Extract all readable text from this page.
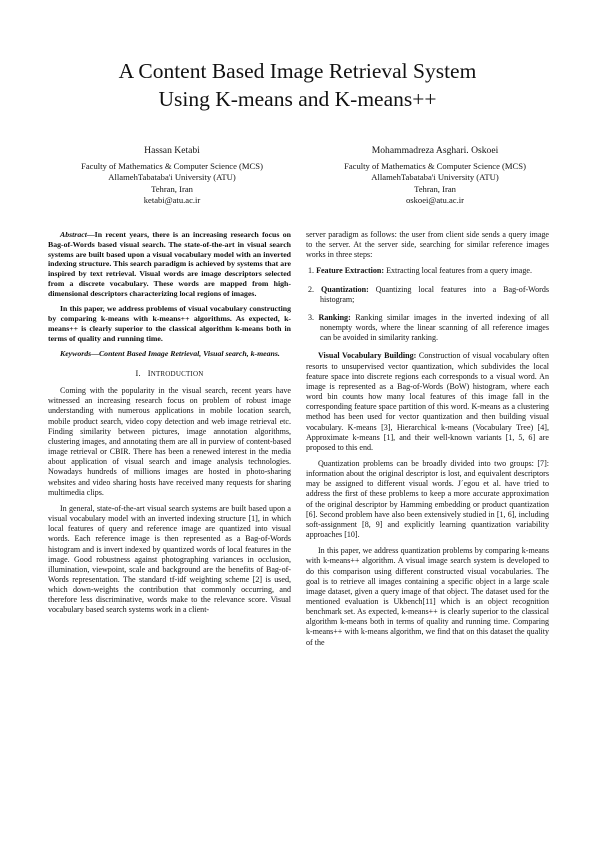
A Content Based Image Retrieval System
Using K-means and K-means++
Hassan Ketabi
Faculty of Mathematics & Computer Science (MCS)
AllamehTabataba'i University (ATU)
Tehran, Iran
ketabi@atu.ac.ir
Mohammadreza Asghari. Oskoei
Faculty of Mathematics & Computer Science (MCS)
AllamehTabataba'i University (ATU)
Tehran, Iran
oskoei@atu.ac.ir

Abstract—In recent years, there is an increasing research focus on Bag-of-Words based visual search. The state-of-the-art in visual search systems are built based upon a visual vocabulary model with an inverted indexing structure. This search paradigm is achieved by systems that are inspired by text retrieval. Visual words are image descriptors selected from a discrete vocabulary. These words are mapped from high-dimensional descriptors characterizing local regions of images.

In this paper, we address problems of visual vocabulary constructing by comparing k-means with k-means++ algorithms. As expected, k-means++ is clearly superior to the classical algorithm k-means both in terms of quality and running time.

Keywords—Content Based Image Retrieval, Visual search, k-means.

I. INTRODUCTION

Coming with the popularity in the visual search, recent years have witnessed an increasing research focus on problem of robust image understanding with numerous applications in mobile location search, mobile product search, video copy detection and web image retrieval etc. Finding similarity between pictures, image annotation algorithms, clustering images, and annotating them are all in purview of content-based image retrieval or CBIR. There has been a renewed interest in the media about application of visual search and image analysis technologies. Nowadays hundreds of millions images are hosted in photo-sharing websites and video sharing hosts have received many requests for sharing multimedia clips.

In general, state-of-the-art visual search systems are built based upon a visual vocabulary model with an inverted indexing structure [1], in which local features of query and reference image are quantized into visual words. Each reference image is then represented as a Bag-of-Words histogram and is invert indexed by quantized words of local features in the image. Good robustness against photographing variances in occlusion, illumination, viewpoint, scale and background are the benefits of Bag-of-Words representation. The standard tf-idf weighting scheme [2] is used, which down-weights the contribution that commonly occurring, and therefore less discriminative, words make to the relevance score. Visual vocabulary based search systems work in a client-

server paradigm as follows: the user from client side sends a query image to the server. At the server side, searching for similar reference images works in three steps:

1. Feature Extraction: Extracting local features from a query image.

2. Quantization: Quantizing local features into a Bag-of-Words histogram;

3. Ranking: Ranking similar images in the inverted indexing of all nonempty words, where the linear scanning of all reference images can be avoided in similarity ranking.

Visual Vocabulary Building: Construction of visual vocabulary often resorts to unsupervised vector quantization, which subdivides the local feature space into discrete regions each corresponds to a visual word. An image is represented as a Bag-of-Words (BoW) histogram, where each word bin counts how many local features of this image fall in the corresponding feature space partition of this word. K-means as a clustering method has been used for vector quantization and then building visual vocabulary. K-means [3], Hierarchical k-means (Vocabulary Tree) [4], Approximate k-means [1], and their well-known variants [1, 5, 6] are proposed to this end.

Quantization problems can be broadly divided into two groups: [7]: information about the original descriptor is lost, and equivalent descriptors may be assigned to different visual words. J´egou et al. have tried to address the first of these problems to keep a more accurate approximation of the original descriptor by Hamming embedding or product quantization [6]. Second problem have also been extensively studied in [1, 6], including soft-assignment [8, 9] and explicitly learning quantization variability approaches [10].

In this paper, we address quantization problems by comparing k-means with k-means++ algorithm. A visual image search system is developed to do this comparison using different constructed visual vocabularies. The goal is to retrieve all images containing a specific object in a large scale image dataset, given a query image of that object. The dataset used for the mentioned evaluation is Ukbench[11] which is an object recognition benchmark set. As expected, k-means++ is clearly superior to the classical algorithm k-means both in terms of quality and running time. Comparing k-means++ with k-means algorithm, we find that on this dataset the quality of the
